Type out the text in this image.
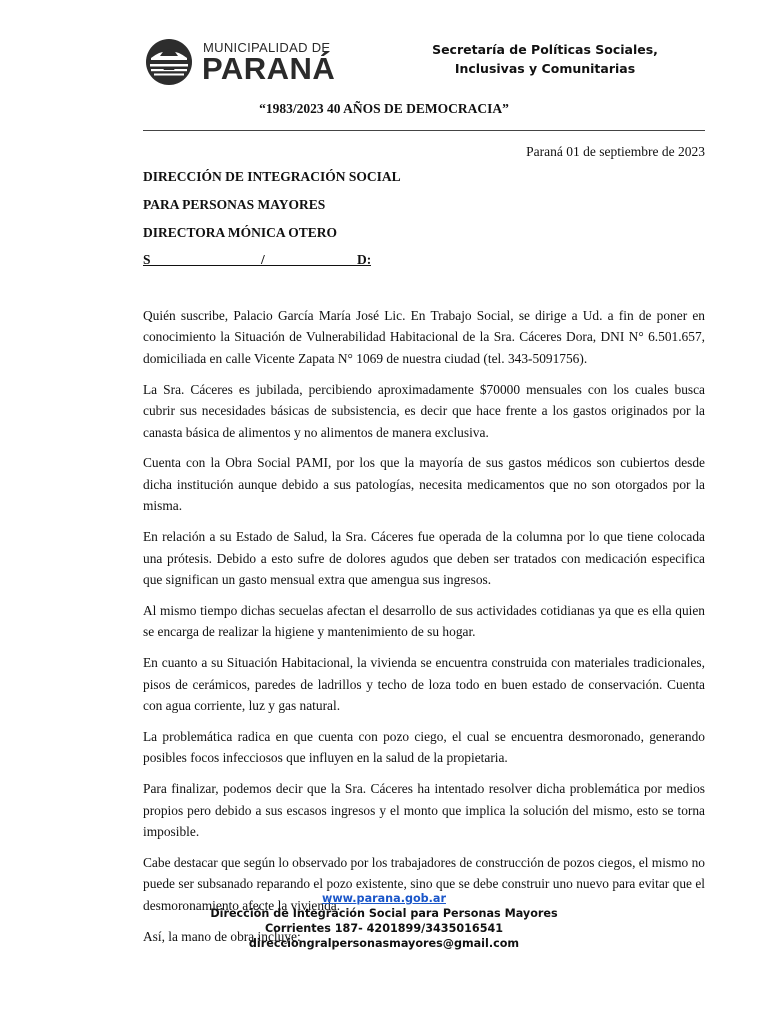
MUNICIPALIDAD DE
PARANÁ
Secretaría de Políticas Sociales,
Inclusivas y Comunitarias
“1983/2023 40 AÑOS DE DEMOCRACIA”
Paraná 01 de septiembre de 2023
DIRECCIÓN DE INTEGRACIÓN SOCIAL
PARA PERSONAS MAYORES
DIRECTORA MÓNICA OTERO
S	/	D:

Quién suscribe, Palacio García María José Lic. En Trabajo Social, se dirige a Ud. a fin de poner en conocimiento la Situación de Vulnerabilidad Habitacional de la Sra. Cáceres Dora, DNI N° 6.501.657, domiciliada en calle Vicente Zapata N° 1069 de nuestra ciudad (tel. 343-5091756).

La Sra. Cáceres es jubilada, percibiendo aproximadamente $70000 mensuales con los cuales busca cubrir sus necesidades básicas de subsistencia, es decir que hace frente a los gastos originados por la canasta básica de alimentos y no alimentos de manera exclusiva.

Cuenta con la Obra Social PAMI, por los que la mayoría de sus gastos médicos son cubiertos desde dicha institución aunque debido a sus patologías, necesita medicamentos que no son otorgados por la misma.

En relación a su Estado de Salud, la Sra. Cáceres fue operada de la columna por lo que tiene colocada una prótesis. Debido a esto sufre de dolores agudos que deben ser tratados con medicación especifica que significan un gasto mensual extra que amengua sus ingresos.

Al mismo tiempo dichas secuelas afectan el desarrollo de sus actividades cotidianas ya que es ella quien se encarga de realizar la higiene y mantenimiento de su hogar.

En cuanto a su Situación Habitacional, la vivienda se encuentra construida con materiales tradicionales, pisos de cerámicos, paredes de ladrillos y techo de loza todo en buen estado de conservación. Cuenta con agua corriente, luz y gas natural.

La problemática radica en que cuenta con pozo ciego, el cual se encuentra desmoronado, generando posibles focos infecciosos que influyen en la salud de la propietaria.

Para finalizar, podemos decir que la Sra. Cáceres ha intentado resolver dicha problemática por medios propios pero debido a sus escasos ingresos y el monto que implica la solución del mismo, esto se torna imposible.

Cabe destacar que según lo observado por los trabajadores de construcción de pozos ciegos, el mismo no puede ser subsanado reparando el pozo existente, sino que se debe construir uno nuevo para evitar que el desmoronamiento afecte la vivienda.

Así, la mano de obra incluye:

www.parana.gob.ar
Dirección de Integración Social para Personas Mayores
Corrientes 187- 4201899/3435016541
direcciongralpersonasmayores@gmail.com
